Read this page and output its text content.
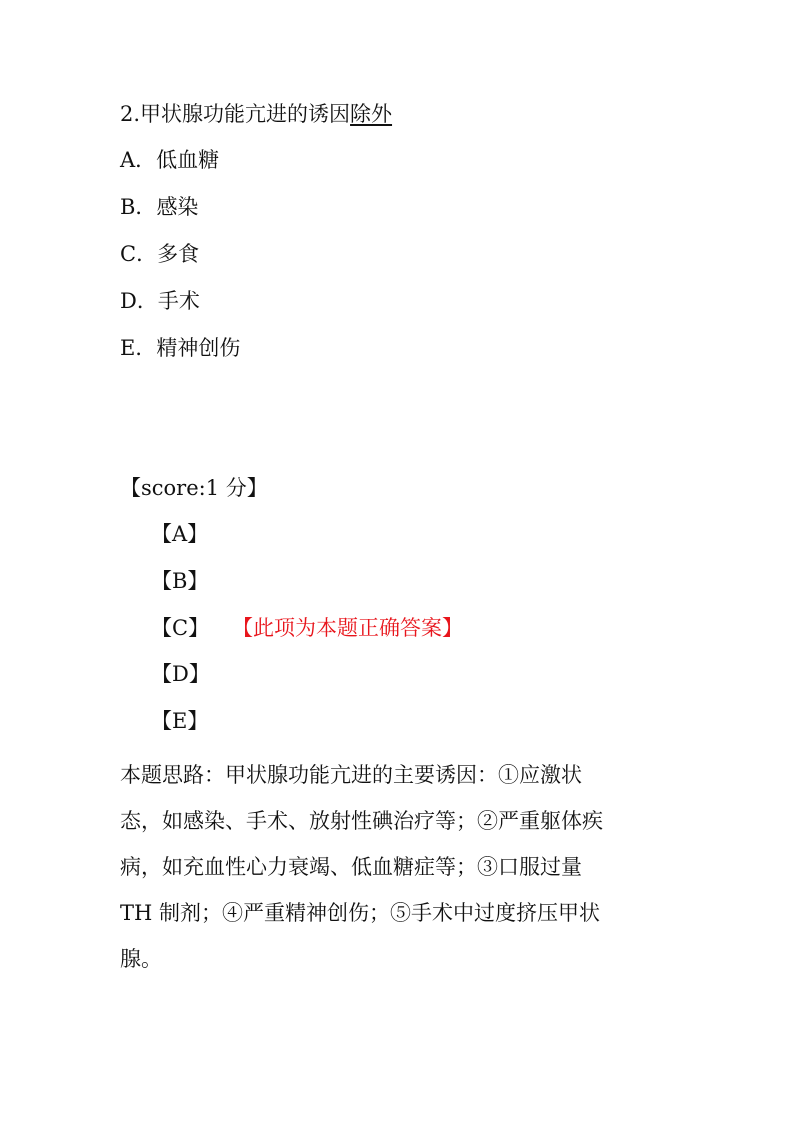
2.甲状腺功能亢进的诱因除外
A．低血糖
B．感染
C．多食
D．手术
E．精神创伤
【score:1 分】
【A】
【B】
【C】 【此项为本题正确答案】
【D】
【E】
本题思路：甲状腺功能亢进的主要诱因：①应激状
态，如感染、手术、放射性碘治疗等；②严重躯体疾
病，如充血性心力衰竭、低血糖症等；③口服过量
TH 制剂；④严重精神创伤；⑤手术中过度挤压甲状
腺。
